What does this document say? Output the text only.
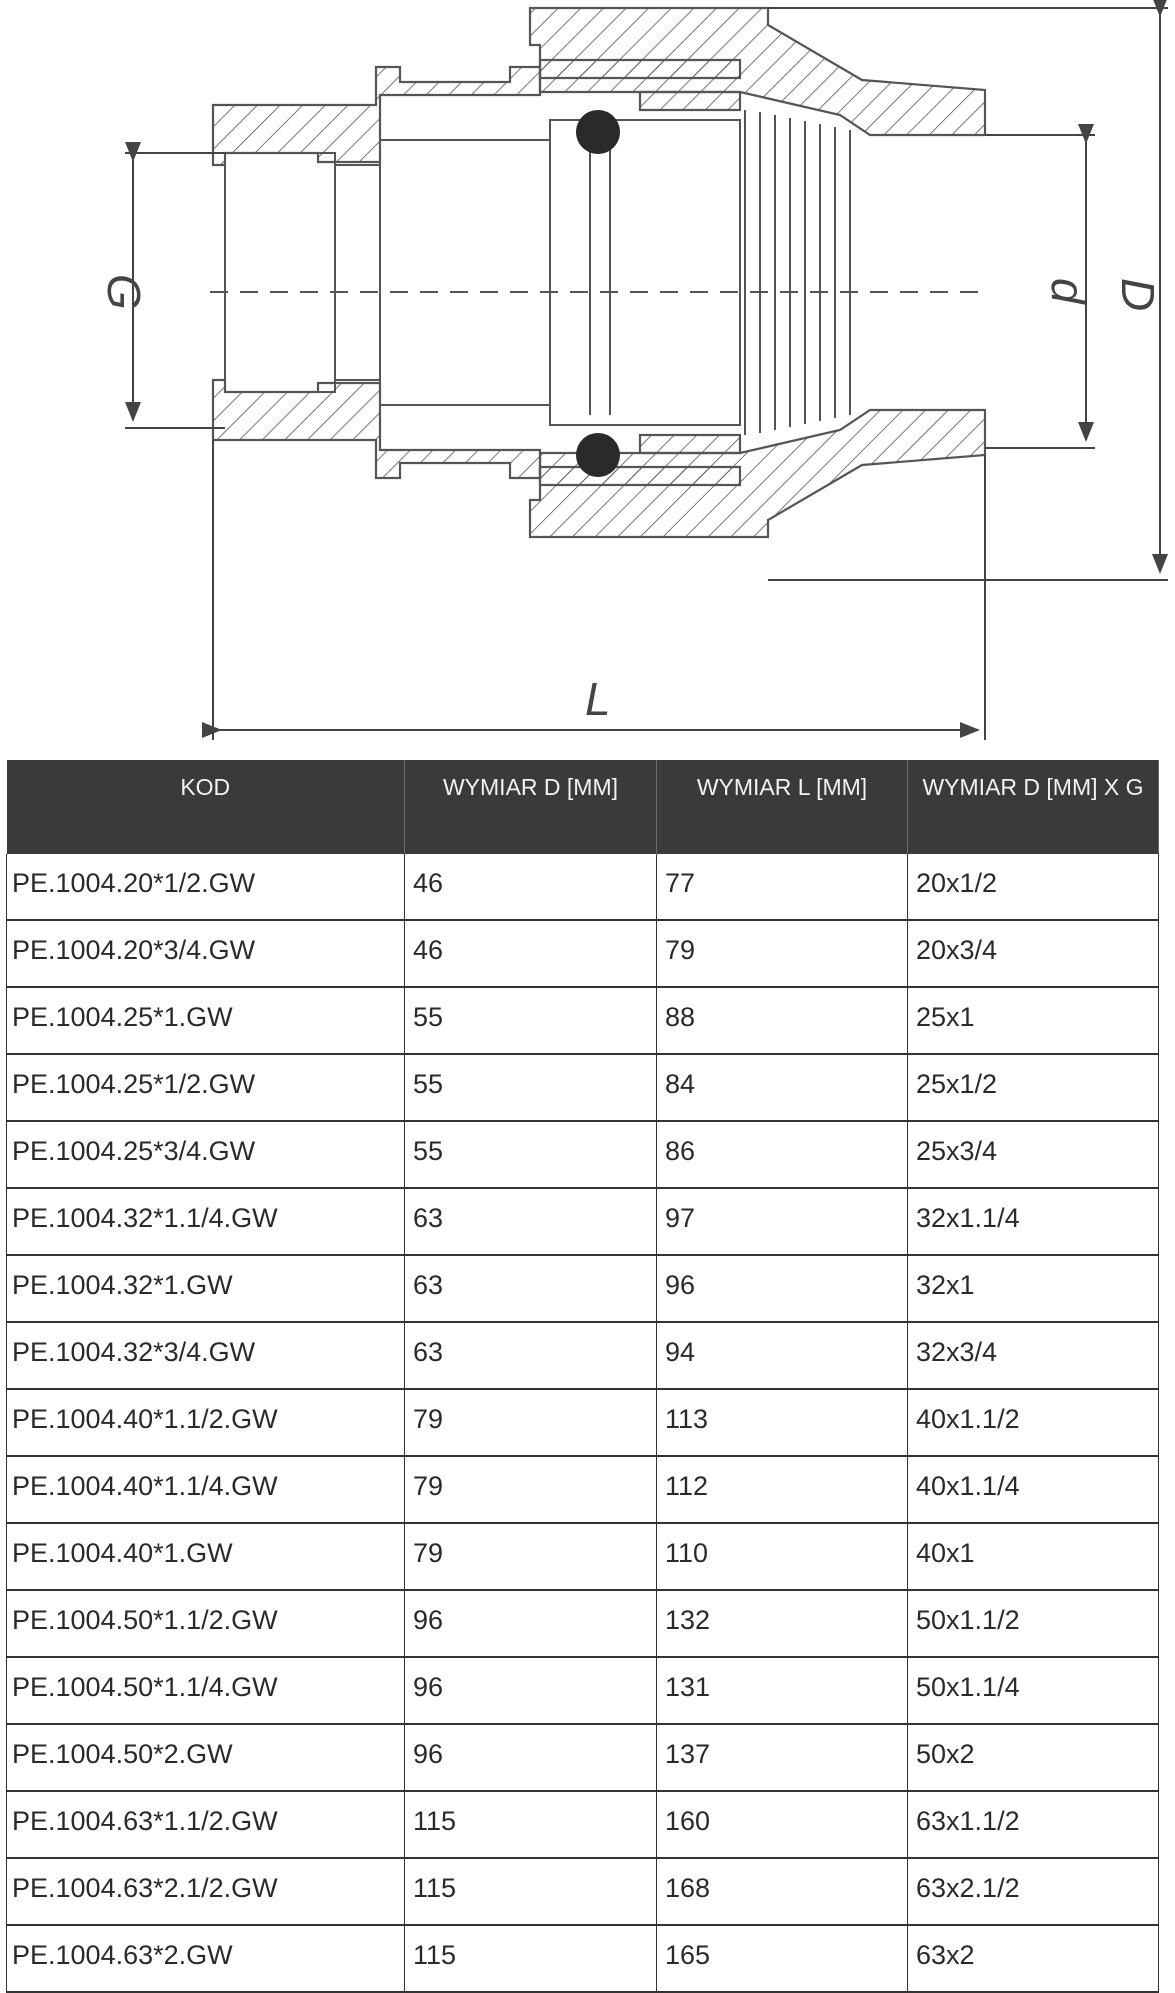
G	d D
L
KOD	WYMIAR D [MM]	WYMIAR L [MM]	WYMIAR D [MM] X G
PE.1004.20*1/2.GW	46	77	20x1/2
PE.1004.20*3/4.GW	46	79	20x3/4
PE.1004.25*1.GW	55	88	25x1
PE.1004.25*1/2.GW	55	84	25x1/2
PE.1004.25*3/4.GW	55	86	25x3/4
PE.1004.32*1.1/4.GW	63	97	32x1.1/4
PE.1004.32*1.GW	63	96	32x1
PE.1004.32*3/4.GW	63	94	32x3/4
PE.1004.40*1.1/2.GW	79	113	40x1.1/2
PE.1004.40*1.1/4.GW	79	112	40x1.1/4
PE.1004.40*1.GW	79	110	40x1
PE.1004.50*1.1/2.GW	96	132	50x1.1/2
PE.1004.50*1.1/4.GW	96	131	50x1.1/4
PE.1004.50*2.GW	96	137	50x2
PE.1004.63*1.1/2.GW	115	160	63x1.1/2
PE.1004.63*2.1/2.GW	115	168	63x2.1/2
PE.1004.63*2.GW	115	165	63x2
